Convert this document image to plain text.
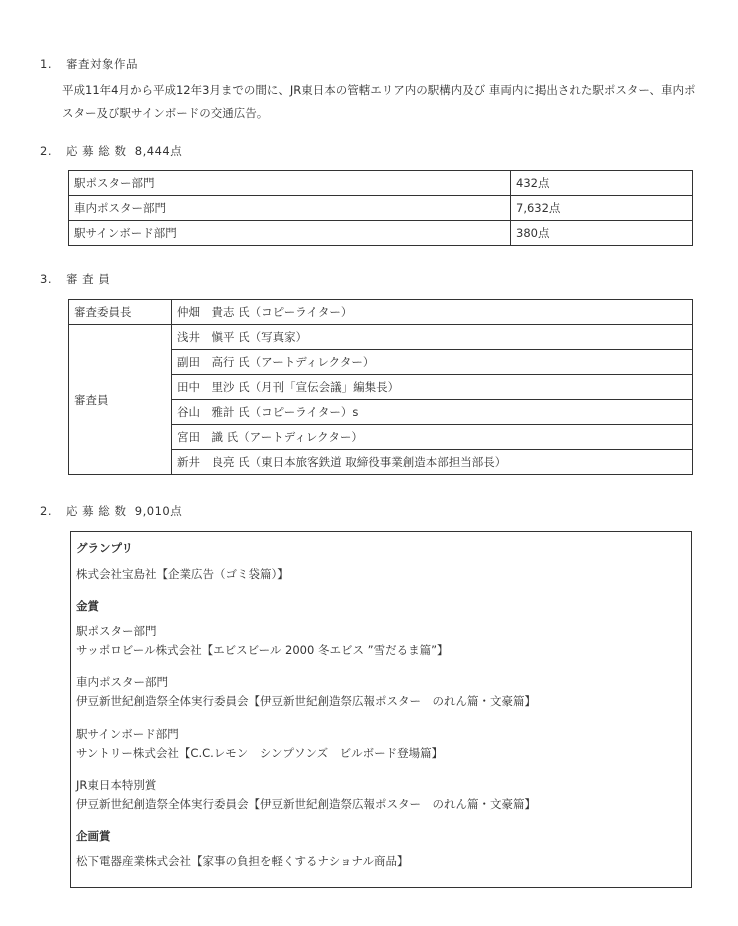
1. 審査対象作品
平成11年4月から平成12年3月までの間に、JR東日本の管轄エリア内の駅構内及び 車両内に掲出された駅ポスター、車内ポスター及び駅サインボードの交通広告。
2. 応 募 総 数 8,444点
駅ポスター部門	432点
車内ポスター部門	7,632点
駅サインボード部門	380点
3. 審 査 員
審査委員長	仲畑　貴志 氏（コピーライター）
審査員	浅井　愼平 氏（写真家）
	副田　高行 氏（アートディレクター）
	田中　里沙 氏（月刊「宣伝会議」編集長）
	谷山　雅計 氏（コピーライター）s
	宮田　識 氏（アートディレクター）
	新井　良亮 氏（東日本旅客鉄道 取締役事業創造本部担当部長）
2. 応 募 総 数 9,010点
グランプリ
株式会社宝島社【企業広告（ゴミ袋篇）】
金賞
駅ポスター部門
サッポロビール株式会社【エビスビール 2000 冬エビス ”雪だるま篇”】
車内ポスター部門
伊豆新世紀創造祭全体実行委員会【伊豆新世紀創造祭広報ポスター　のれん篇・文豪篇】
駅サインボード部門
サントリー株式会社【C.C.レモン　シンプソンズ　ビルボード登場篇】
JR東日本特別賞
伊豆新世紀創造祭全体実行委員会【伊豆新世紀創造祭広報ポスター　のれん篇・文豪篇】
企画賞
松下電器産業株式会社【家事の負担を軽くするナショナル商品】
